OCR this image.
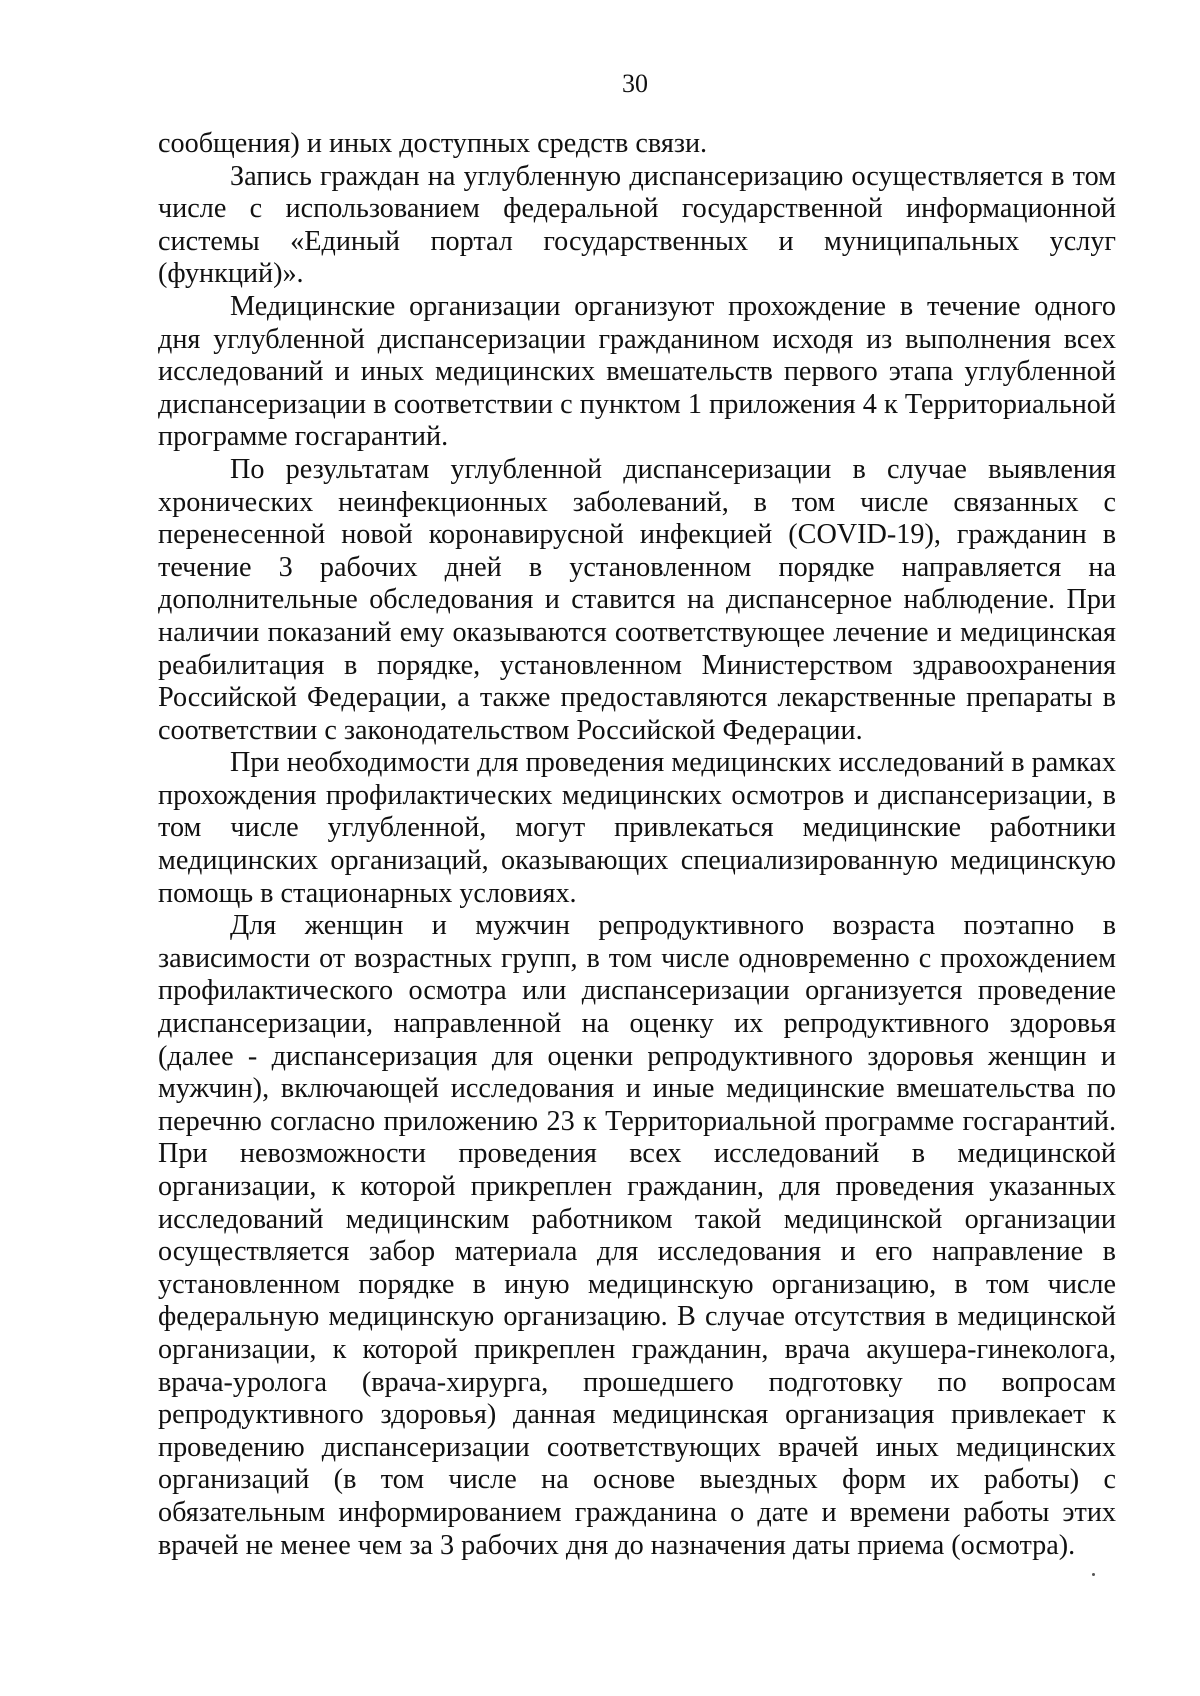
30

сообщения) и иных доступных средств связи.

Запись граждан на углубленную диспансеризацию осуществляется в том числе с использованием федеральной государственной информационной системы «Единый портал государственных и муниципальных услуг (функций)».

Медицинские организации организуют прохождение в течение одного дня углубленной диспансеризации гражданином исходя из выполнения всех исследований и иных медицинских вмешательств первого этапа углубленной диспансеризации в соответствии с пунктом 1 приложения 4 к Территориальной программе госгарантий.

По результатам углубленной диспансеризации в случае выявления хронических неинфекционных заболеваний, в том числе связанных с перенесенной новой коронавирусной инфекцией (COVID-19), гражданин в течение 3 рабочих дней в установленном порядке направляется на дополнительные обследования и ставится на диспансерное наблюдение. При наличии показаний ему оказываются соответствующее лечение и медицинская реабилитация в порядке, установленном Министерством здравоохранения Российской Федерации, а также предоставляются лекарственные препараты в соответствии с законодательством Российской Федерации.

При необходимости для проведения медицинских исследований в рамках прохождения профилактических медицинских осмотров и диспансеризации, в том числе углубленной, могут привлекаться медицинские работники медицинских организаций, оказывающих специализированную медицинскую помощь в стационарных условиях.

Для женщин и мужчин репродуктивного возраста поэтапно в зависимости от возрастных групп, в том числе одновременно с прохождением профилактического осмотра или диспансеризации организуется проведение диспансеризации, направленной на оценку их репродуктивного здоровья (далее - диспансеризация для оценки репродуктивного здоровья женщин и мужчин), включающей исследования и иные медицинские вмешательства по перечню согласно приложению 23 к Территориальной программе госгарантий. При невозможности проведения всех исследований в медицинской организации, к которой прикреплен гражданин, для проведения указанных исследований медицинским работником такой медицинской организации осуществляется забор материала для исследования и его направление в установленном порядке в иную медицинскую организацию, в том числе федеральную медицинскую организацию. В случае отсутствия в медицинской организации, к которой прикреплен гражданин, врача акушера-гинеколога, врача-уролога (врача-хирурга, прошедшего подготовку по вопросам репродуктивного здоровья) данная медицинская организация привлекает к проведению диспансеризации соответствующих врачей иных медицинских организаций (в том числе на основе выездных форм их работы) с обязательным информированием гражданина о дате и времени работы этих врачей не менее чем за 3 рабочих дня до назначения даты приема (осмотра).
